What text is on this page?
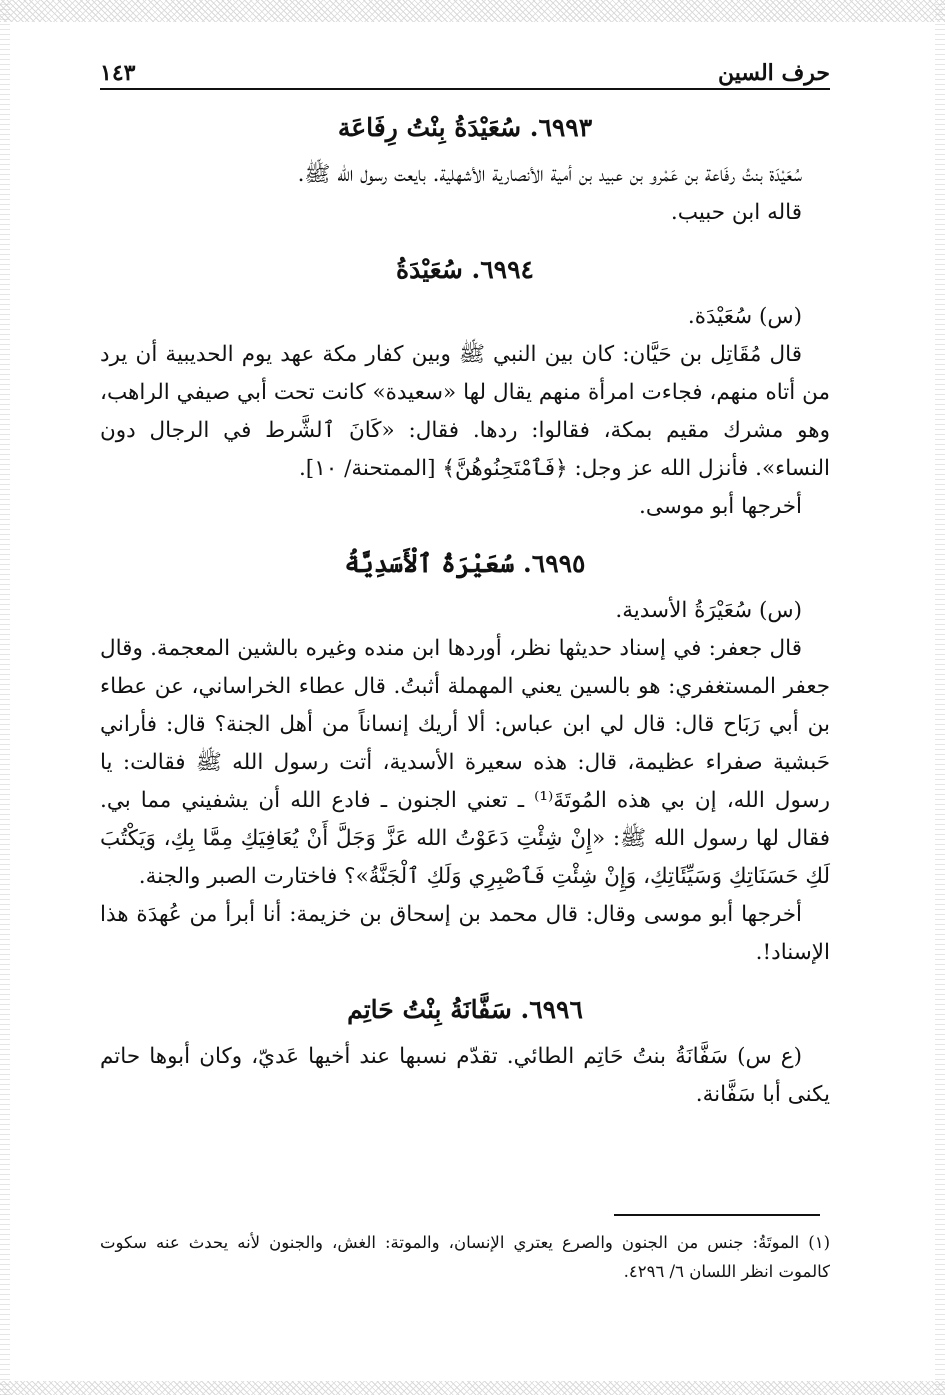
حرف السين
١٤٣
٦٩٩٣. سُعَيْدَةُ بِنْتُ رِفَاعَة

سُعَيْدَة بنتُ رفَاعة بن عَمْرو بن عبيد بن أمية الأنصارية الأشهلية. بايعت رسول الله ﷺ.

قاله ابن حبيب.

٦٩٩٤. سُعَيْدَةُ

(س) سُعَيْدَة.

قال مُقَاتِل بن حَيَّان: كان بين النبي ﷺ وبين كفار مكة عهد يوم الحديبية أن يرد من أتاه منهم، فجاءت امرأة منهم يقال لها «سعيدة» كانت تحت أبي صيفي الراهب، وهو مشرك مقيم بمكة، فقالوا: ردها. فقال: «كَانَ ٱلشَّرط في الرجال دون النساء». فأنزل الله عز وجل: ﴿فَٱمْتَحِنُوهُنَّ﴾ [الممتحنة/ ١٠].

أخرجها أبو موسى.

٦٩٩٥. سُعَيْرَةُ ٱلْأَسَدِيَّةُ

(س) سُعَيْرَةُ الأسدية.

قال جعفر: في إسناد حديثها نظر، أوردها ابن منده وغيره بالشين المعجمة. وقال جعفر المستغفري: هو بالسين يعني المهملة أثبتُ. قال عطاء الخراساني، عن عطاء بن أبي رَبَاح قال: قال لي ابن عباس: ألا أريك إنساناً من أهل الجنة؟ قال: فأراني حَبشية صفراء عظيمة، قال: هذه سعيرة الأسدية، أتت رسول الله ﷺ فقالت: يا رسول الله، إن بي هذه المُوتَةَ⁽¹⁾ ـ تعني الجنون ـ فادع الله أن يشفيني مما بي. فقال لها رسول الله ﷺ: «إِنْ شِئْتِ دَعَوْتُ الله عَزَّ وَجَلَّ أَنْ يُعَافِيَكِ مِمَّا بِكِ، وَيَكْتُبَ لَكِ حَسَنَاتِكِ وَسَيِّئَاتِكِ، وَإِنْ شِئْتِ فَٱصْبِرِي وَلَكِ ٱلْجَنَّةُ»؟ فاختارت الصبر والجنة.

أخرجها أبو موسى وقال: قال محمد بن إسحاق بن خزيمة: أنا أبرأ من عُهدَة هذا الإسناد!.

٦٩٩٦. سَفَّانَةُ بِنْتُ حَاتِم

(ع س) سَفَّانَةُ بنتُ حَاتِم الطائي. تقدّم نسبها عند أخيها عَديّ، وكان أبوها حاتم يكنى أبا سَفَّانة.

(١) الموتَةُ: جنس من الجنون والصرع يعتري الإنسان، والموتة: الغش، والجنون لأنه يحدث عنه سكوت كالموت انظر اللسان ٦/ ٤٢٩٦.
